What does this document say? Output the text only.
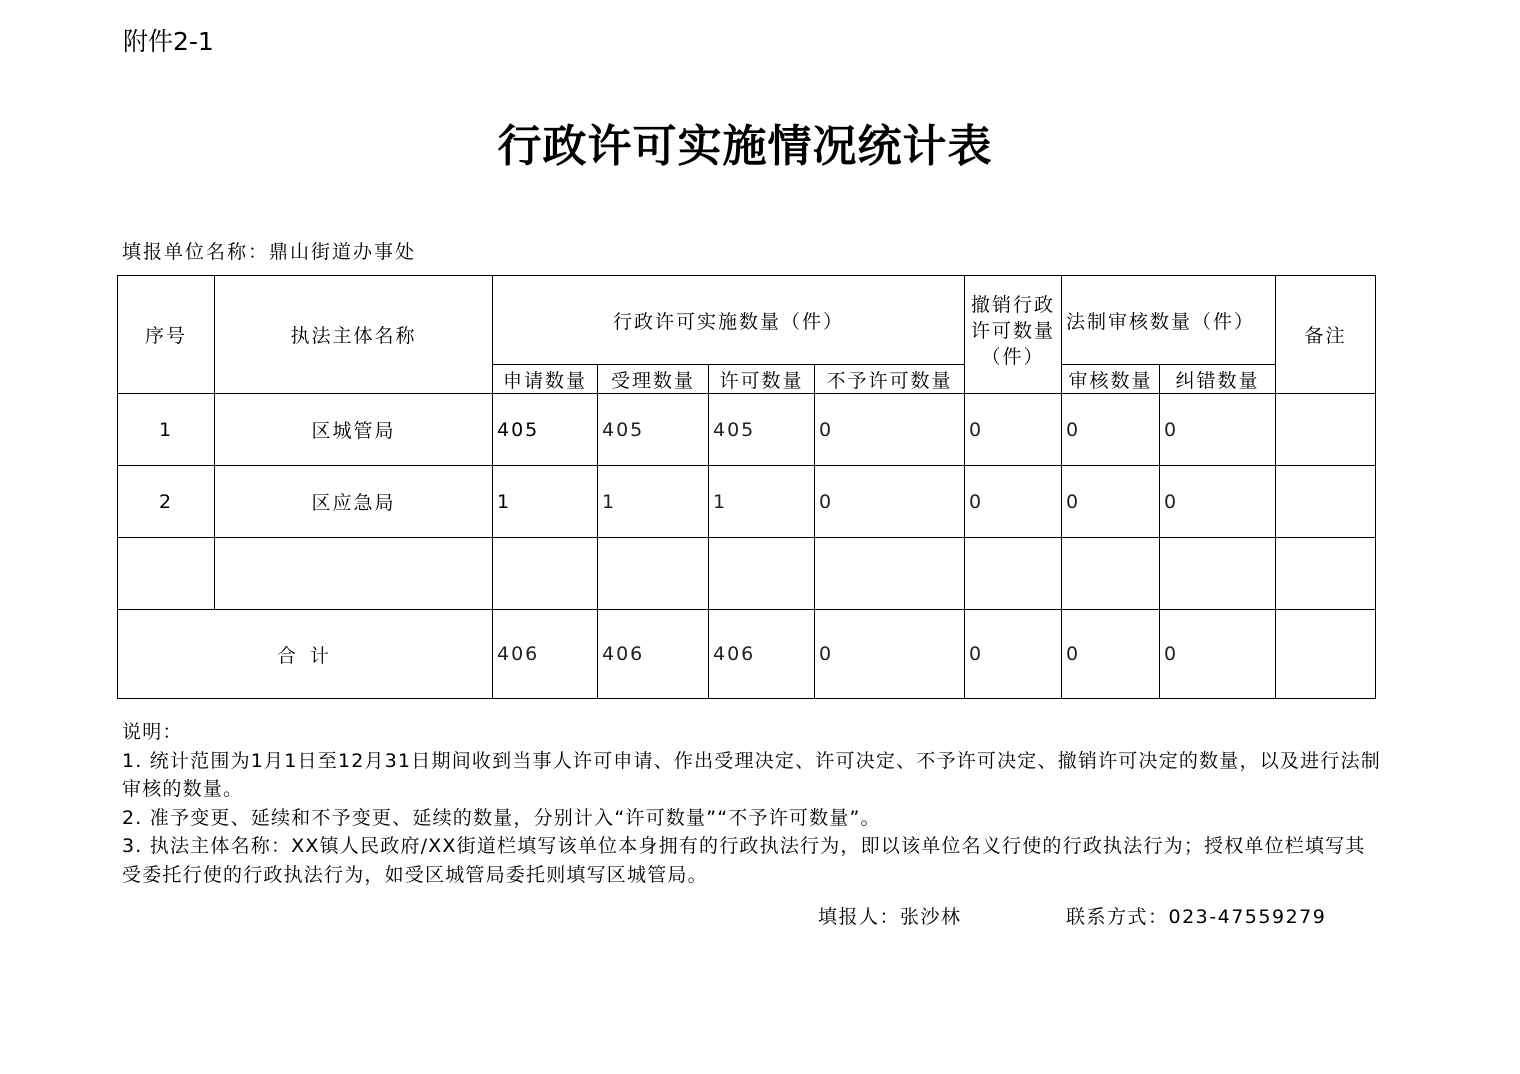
附件2-1
行政许可实施情况统计表
填报单位名称：鼎山街道办事处
序号	执法主体名称	行政许可实施数量（件）				撤销行政许可数量（件）	法制审核数量（件）		备注
		申请数量	受理数量	许可数量	不予许可数量		审核数量	纠错数量	
1	区城管局	405	405	405	0	0	0	0	
2	区应急局	1	1	1	0	0	0	0	

合 计		406	406	406	0	0	0	0	

说明：

1. 统计范围为1月1日至12月31日期间收到当事人许可申请、作出受理决定、许可决定、不予许可决定、撤销许可决定的数量，以及进行法制审核的数量。

2. 准予变更、延续和不予变更、延续的数量，分别计入“许可数量”“不予许可数量”。

3. 执法主体名称：XX镇人民政府/XX街道栏填写该单位本身拥有的行政执法行为，即以该单位名义行使的行政执法行为；授权单位栏填写其受委托行使的行政执法行为，如受区城管局委托则填写区城管局。

填报人：张沙林	联系方式：023-47559279
